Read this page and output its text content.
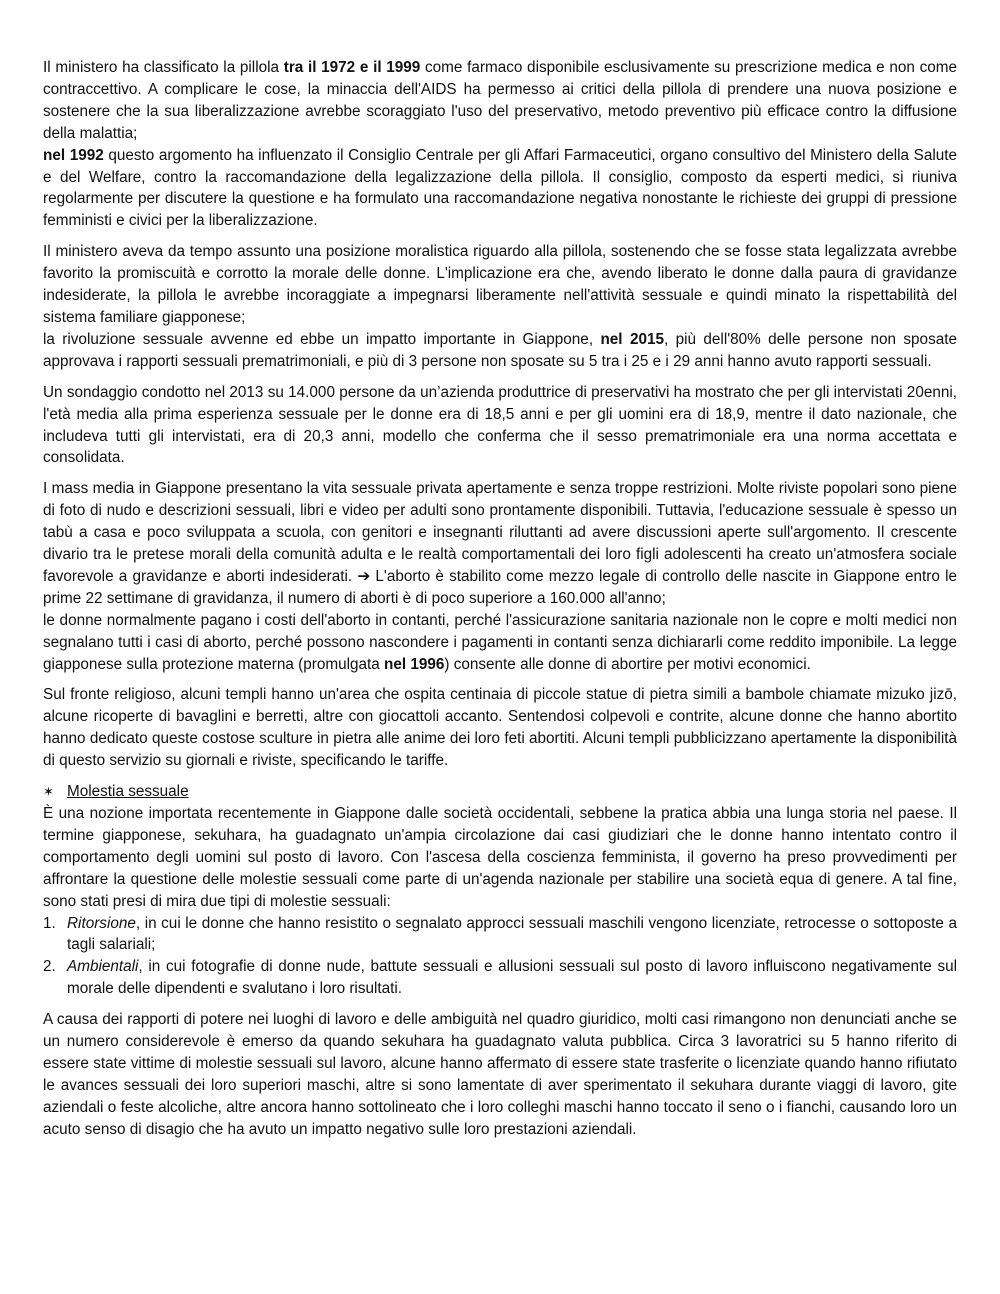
Il ministero ha classificato la pillola tra il 1972 e il 1999 come farmaco disponibile esclusivamente su prescrizione medica e non come contraccettivo. A complicare le cose, la minaccia dell'AIDS ha permesso ai critici della pillola di prendere una nuova posizione e sostenere che la sua liberalizzazione avrebbe scoraggiato l'uso del preservativo, metodo preventivo più efficace contro la diffusione della malattia;

nel 1992 questo argomento ha influenzato il Consiglio Centrale per gli Affari Farmaceutici, organo consultivo del Ministero della Salute e del Welfare, contro la raccomandazione della legalizzazione della pillola. Il consiglio, composto da esperti medici, si riuniva regolarmente per discutere la questione e ha formulato una raccomandazione negativa nonostante le richieste dei gruppi di pressione femministi e civici per la liberalizzazione.

Il ministero aveva da tempo assunto una posizione moralistica riguardo alla pillola, sostenendo che se fosse stata legalizzata avrebbe favorito la promiscuità e corrotto la morale delle donne. L'implicazione era che, avendo liberato le donne dalla paura di gravidanze indesiderate, la pillola le avrebbe incoraggiate a impegnarsi liberamente nell'attività sessuale e quindi minato la rispettabilità del sistema familiare giapponese;

la rivoluzione sessuale avvenne ed ebbe un impatto importante in Giappone, nel 2015, più dell'80% delle persone non sposate approvava i rapporti sessuali prematrimoniali, e più di 3 persone non sposate su 5 tra i 25 e i 29 anni hanno avuto rapporti sessuali.

Un sondaggio condotto nel 2013 su 14.000 persone da un’azienda produttrice di preservativi ha mostrato che per gli intervistati 20enni, l'età media alla prima esperienza sessuale per le donne era di 18,5 anni e per gli uomini era di 18,9, mentre il dato nazionale, che includeva tutti gli intervistati, era di 20,3 anni, modello che conferma che il sesso prematrimoniale era una norma accettata e consolidata.

I mass media in Giappone presentano la vita sessuale privata apertamente e senza troppe restrizioni. Molte riviste popolari sono piene di foto di nudo e descrizioni sessuali, libri e video per adulti sono prontamente disponibili. Tuttavia, l'educazione sessuale è spesso un tabù a casa e poco sviluppata a scuola, con genitori e insegnanti riluttanti ad avere discussioni aperte sull'argomento. Il crescente divario tra le pretese morali della comunità adulta e le realtà comportamentali dei loro figli adolescenti ha creato un'atmosfera sociale favorevole a gravidanze e aborti indesiderati. ➔ L'aborto è stabilito come mezzo legale di controllo delle nascite in Giappone entro le prime 22 settimane di gravidanza, il numero di aborti è di poco superiore a 160.000 all'anno;

le donne normalmente pagano i costi dell'aborto in contanti, perché l'assicurazione sanitaria nazionale non le copre e molti medici non segnalano tutti i casi di aborto, perché possono nascondere i pagamenti in contanti senza dichiararli come reddito imponibile. La legge giapponese sulla protezione materna (promulgata nel 1996) consente alle donne di abortire per motivi economici.

Sul fronte religioso, alcuni templi hanno un'area che ospita centinaia di piccole statue di pietra simili a bambole chiamate mizuko jizō, alcune ricoperte di bavaglini e berretti, altre con giocattoli accanto. Sentendosi colpevoli e contrite, alcune donne che hanno abortito hanno dedicato queste costose sculture in pietra alle anime dei loro feti abortiti. Alcuni templi pubblicizzano apertamente la disponibilità di questo servizio su giornali e riviste, specificando le tariffe.

✶ Molestia sessuale

È una nozione importata recentemente in Giappone dalle società occidentali, sebbene la pratica abbia una lunga storia nel paese. Il termine giapponese, sekuhara, ha guadagnato un'ampia circolazione dai casi giudiziari che le donne hanno intentato contro il comportamento degli uomini sul posto di lavoro. Con l'ascesa della coscienza femminista, il governo ha preso provvedimenti per affrontare la questione delle molestie sessuali come parte di un'agenda nazionale per stabilire una società equa di genere. A tal fine, sono stati presi di mira due tipi di molestie sessuali:

1. Ritorsione, in cui le donne che hanno resistito o segnalato approcci sessuali maschili vengono licenziate, retrocesse o sottoposte a tagli salariali;
2. Ambientali, in cui fotografie di donne nude, battute sessuali e allusioni sessuali sul posto di lavoro influiscono negativamente sul morale delle dipendenti e svalutano i loro risultati.

A causa dei rapporti di potere nei luoghi di lavoro e delle ambiguità nel quadro giuridico, molti casi rimangono non denunciati anche se un numero considerevole è emerso da quando sekuhara ha guadagnato valuta pubblica. Circa 3 lavoratrici su 5 hanno riferito di essere state vittime di molestie sessuali sul lavoro, alcune hanno affermato di essere state trasferite o licenziate quando hanno rifiutato le avances sessuali dei loro superiori maschi, altre si sono lamentate di aver sperimentato il sekuhara durante viaggi di lavoro, gite aziendali o feste alcoliche, altre ancora hanno sottolineato che i loro colleghi maschi hanno toccato il seno o i fianchi, causando loro un acuto senso di disagio che ha avuto un impatto negativo sulle loro prestazioni aziendali.
